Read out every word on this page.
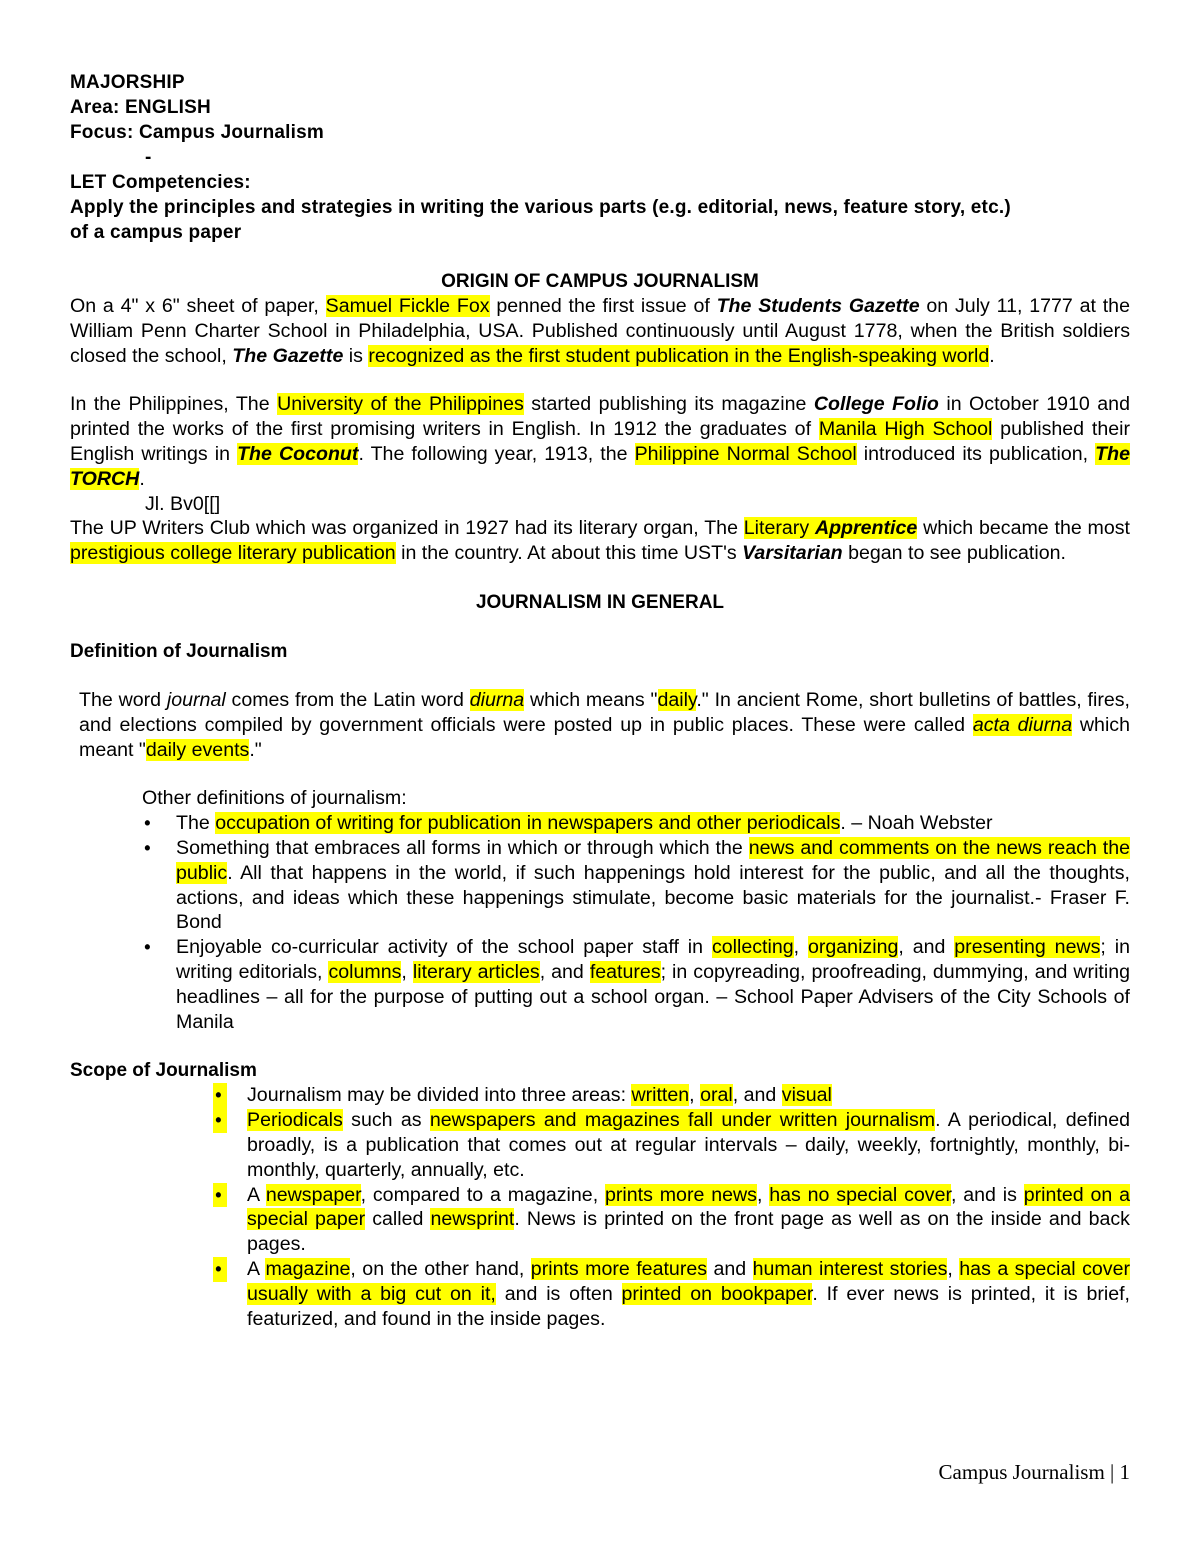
MAJORSHIP
Area: ENGLISH
Focus: Campus Journalism
-
LET Competencies:
Apply the principles and strategies in writing the various parts (e.g. editorial, news, feature story, etc.)
of a campus paper
ORIGIN OF CAMPUS JOURNALISM
On a 4" x 6" sheet of paper, Samuel Fickle Fox penned the first issue of The Students Gazette on July 11, 1777 at the William Penn Charter School in Philadelphia, USA. Published continuously until August 1778, when the British soldiers closed the school, The Gazette is recognized as the first student publication in the English-speaking world.
In the Philippines, The University of the Philippines started publishing its magazine College Folio in October 1910 and printed the works of the first promising writers in English. In 1912 the graduates of Manila High School published their English writings in The Coconut. The following year, 1913, the Philippine Normal School introduced its publication, The TORCH.
Jl. Bv0[[]
The UP Writers Club which was organized in 1927 had its literary organ, The Literary Apprentice which became the most prestigious college literary publication in the country. At about this time UST's Varsitarian began to see publication.
JOURNALISM IN GENERAL
Definition of Journalism
The word journal comes from the Latin word diurna which means "daily." In ancient Rome, short bulletins of battles, fires, and elections compiled by government officials were posted up in public places. These were called acta diurna which meant "daily events."
Other definitions of journalism:
• The occupation of writing for publication in newspapers and other periodicals. – Noah Webster
• Something that embraces all forms in which or through which the news and comments on the news reach the public. All that happens in the world, if such happenings hold interest for the public, and all the thoughts, actions, and ideas which these happenings stimulate, become basic materials for the journalist.- Fraser F. Bond
• Enjoyable co-curricular activity of the school paper staff in collecting, organizing, and presenting news; in writing editorials, columns, literary articles, and features; in copyreading, proofreading, dummying, and writing headlines – all for the purpose of putting out a school organ. – School Paper Advisers of the City Schools of Manila
Scope of Journalism
•	Journalism may be divided into three areas: written, oral, and visual
•	Periodicals such as newspapers and magazines fall under written journalism. A periodical, defined broadly, is a publication that comes out at regular intervals – daily, weekly, fortnightly, monthly, bi-monthly, quarterly, annually, etc.
•	A newspaper, compared to a magazine, prints more news, has no special cover, and is printed on a special paper called newsprint. News is printed on the front page as well as on the inside and back pages.
•	A magazine, on the other hand, prints more features and human interest stories, has a special cover usually with a big cut on it, and is often printed on bookpaper. If ever news is printed, it is brief, featurized, and found in the inside pages.
Campus Journalism | 1
